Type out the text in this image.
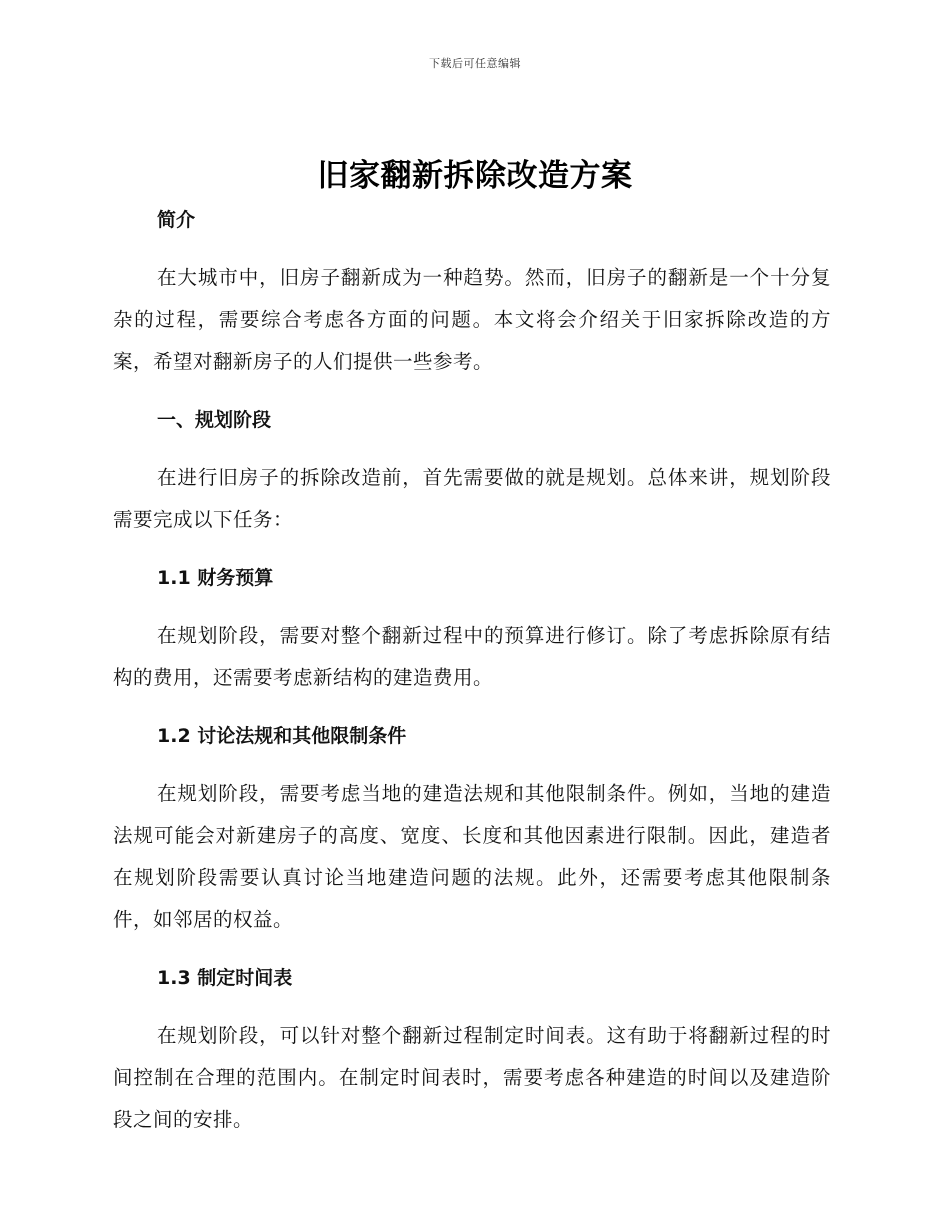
下载后可任意编辑
旧家翻新拆除改造方案
简介

在大城市中，旧房子翻新成为一种趋势。然而，旧房子的翻新是一个十分复杂的过程，需要综合考虑各方面的问题。本文将会介绍关于旧家拆除改造的方案，希望对翻新房子的人们提供一些参考。

一、规划阶段

在进行旧房子的拆除改造前，首先需要做的就是规划。总体来讲，规划阶段需要完成以下任务：

1.1 财务预算

在规划阶段，需要对整个翻新过程中的预算进行修订。除了考虑拆除原有结构的费用，还需要考虑新结构的建造费用。

1.2 讨论法规和其他限制条件

在规划阶段，需要考虑当地的建造法规和其他限制条件。例如，当地的建造法规可能会对新建房子的高度、宽度、长度和其他因素进行限制。因此，建造者在规划阶段需要认真讨论当地建造问题的法规。此外，还需要考虑其他限制条件，如邻居的权益。

1.3 制定时间表

在规划阶段，可以针对整个翻新过程制定时间表。这有助于将翻新过程的时间控制在合理的范围内。在制定时间表时，需要考虑各种建造的时间以及建造阶段之间的安排。
